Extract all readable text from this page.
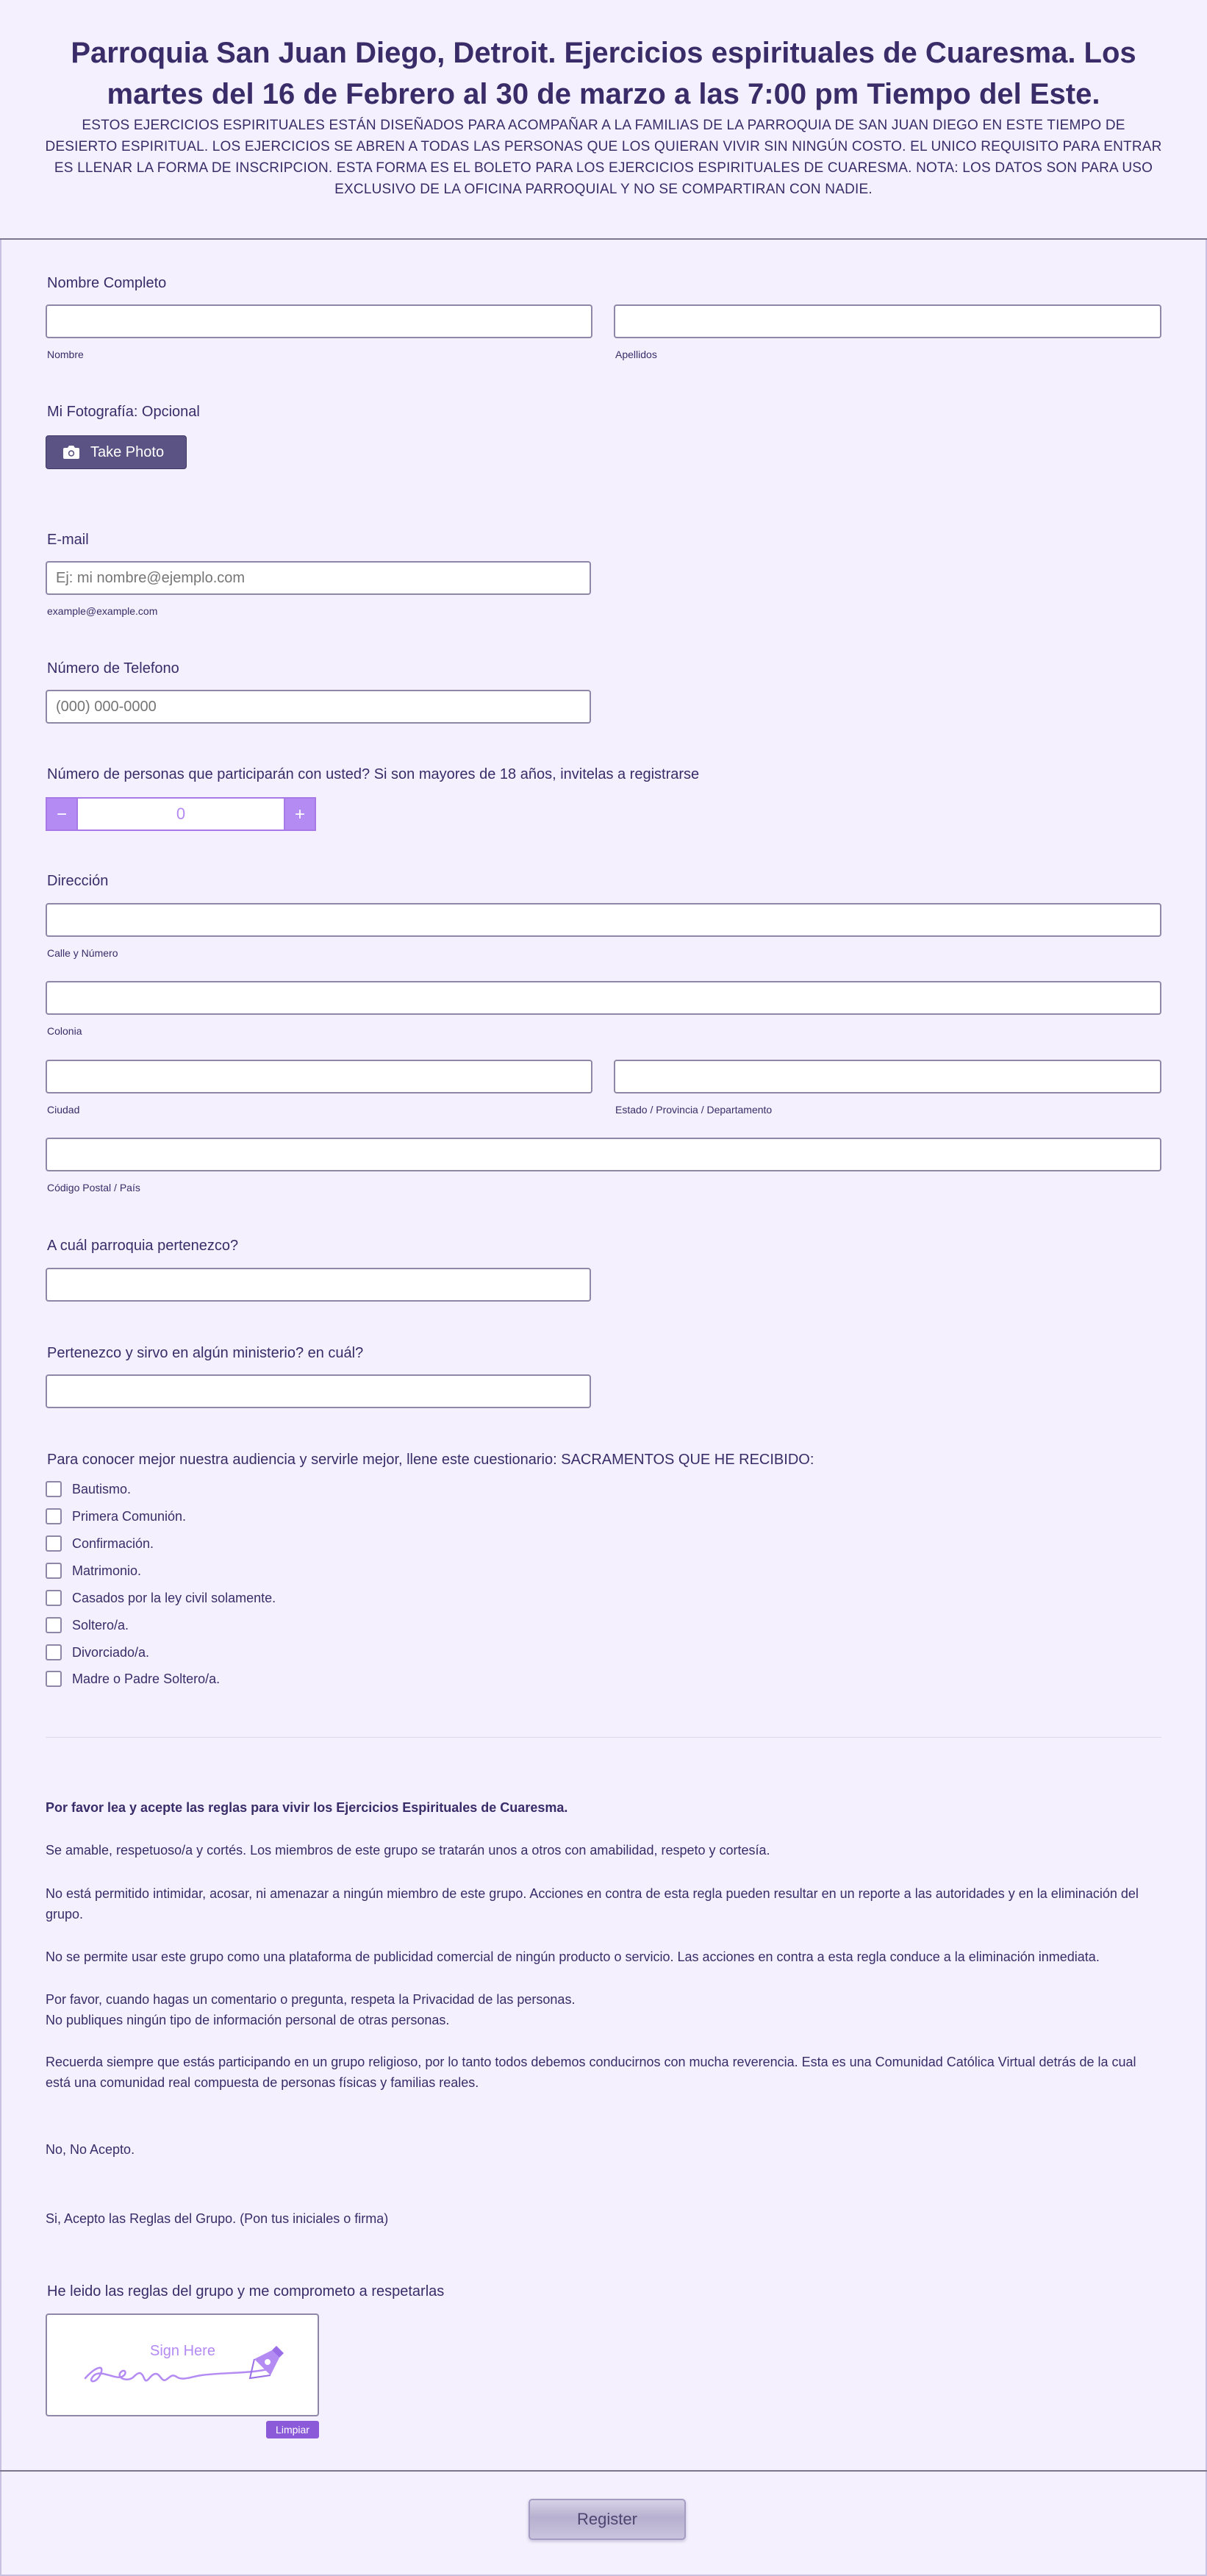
Parroquia San Juan Diego, Detroit. Ejercicios espirituales de Cuaresma. Los martes del 16 de Febrero al 30 de marzo a las 7:00 pm Tiempo del Este.
ESTOS EJERCICIOS ESPIRITUALES ESTÁN DISEÑADOS PARA ACOMPAÑAR A LA FAMILIAS DE LA PARROQUIA DE SAN JUAN DIEGO EN ESTE TIEMPO DE DESIERTO ESPIRITUAL. LOS EJERCICIOS SE ABREN A TODAS LAS PERSONAS QUE LOS QUIERAN VIVIR SIN NINGÚN COSTO. EL UNICO REQUISITO PARA ENTRAR ES LLENAR LA FORMA DE INSCRIPCION. ESTA FORMA ES EL BOLETO PARA LOS EJERCICIOS ESPIRITUALES DE CUARESMA. NOTA: LOS DATOS SON PARA USO EXCLUSIVO DE LA OFICINA PARROQUIAL Y NO SE COMPARTIRAN CON NADIE.
Nombre Completo
Nombre	Apellidos
Mi Fotografía: Opcional
Take Photo
E-mail
Ej: mi nombre@ejemplo.com
example@example.com
Número de Telefono
(000) 000-0000
Número de personas que participarán con usted? Si son mayores de 18 años, invitelas a registrarse
−	0	+
Dirección
Calle y Número
Colonia
Ciudad	Estado / Provincia / Departamento
Código Postal / País
A cuál parroquia pertenezco?
Pertenezco y sirvo en algún ministerio? en cuál?
Para conocer mejor nuestra audiencia y servirle mejor, llene este cuestionario: SACRAMENTOS QUE HE RECIBIDO:
Bautismo.
Primera Comunión.
Confirmación.
Matrimonio.
Casados por la ley civil solamente.
Soltero/a.
Divorciado/a.
Madre o Padre Soltero/a.
Por favor lea y acepte las reglas para vivir los Ejercicios Espirituales de Cuaresma.
Se amable, respetuoso/a y cortés. Los miembros de este grupo se tratarán unos a otros con amabilidad, respeto y cortesía.
No está permitido intimidar, acosar, ni amenazar a ningún miembro de este grupo. Acciones en contra de esta regla pueden resultar en un reporte a las autoridades y en la eliminación del grupo.
No se permite usar este grupo como una plataforma de publicidad comercial de ningún producto o servicio. Las acciones en contra a esta regla conduce a la eliminación inmediata.
Por favor, cuando hagas un comentario o pregunta, respeta la Privacidad de las personas.
No publiques ningún tipo de información personal de otras personas.
Recuerda siempre que estás participando en un grupo religioso, por lo tanto todos debemos conducirnos con mucha reverencia. Esta es una Comunidad Católica Virtual detrás de la cual está una comunidad real compuesta de personas físicas y familias reales.
No, No Acepto.
Si, Acepto las Reglas del Grupo. (Pon tus iniciales o firma)
He leido las reglas del grupo y me comprometo a respetarlas
Sign Here
Limpiar
Register
